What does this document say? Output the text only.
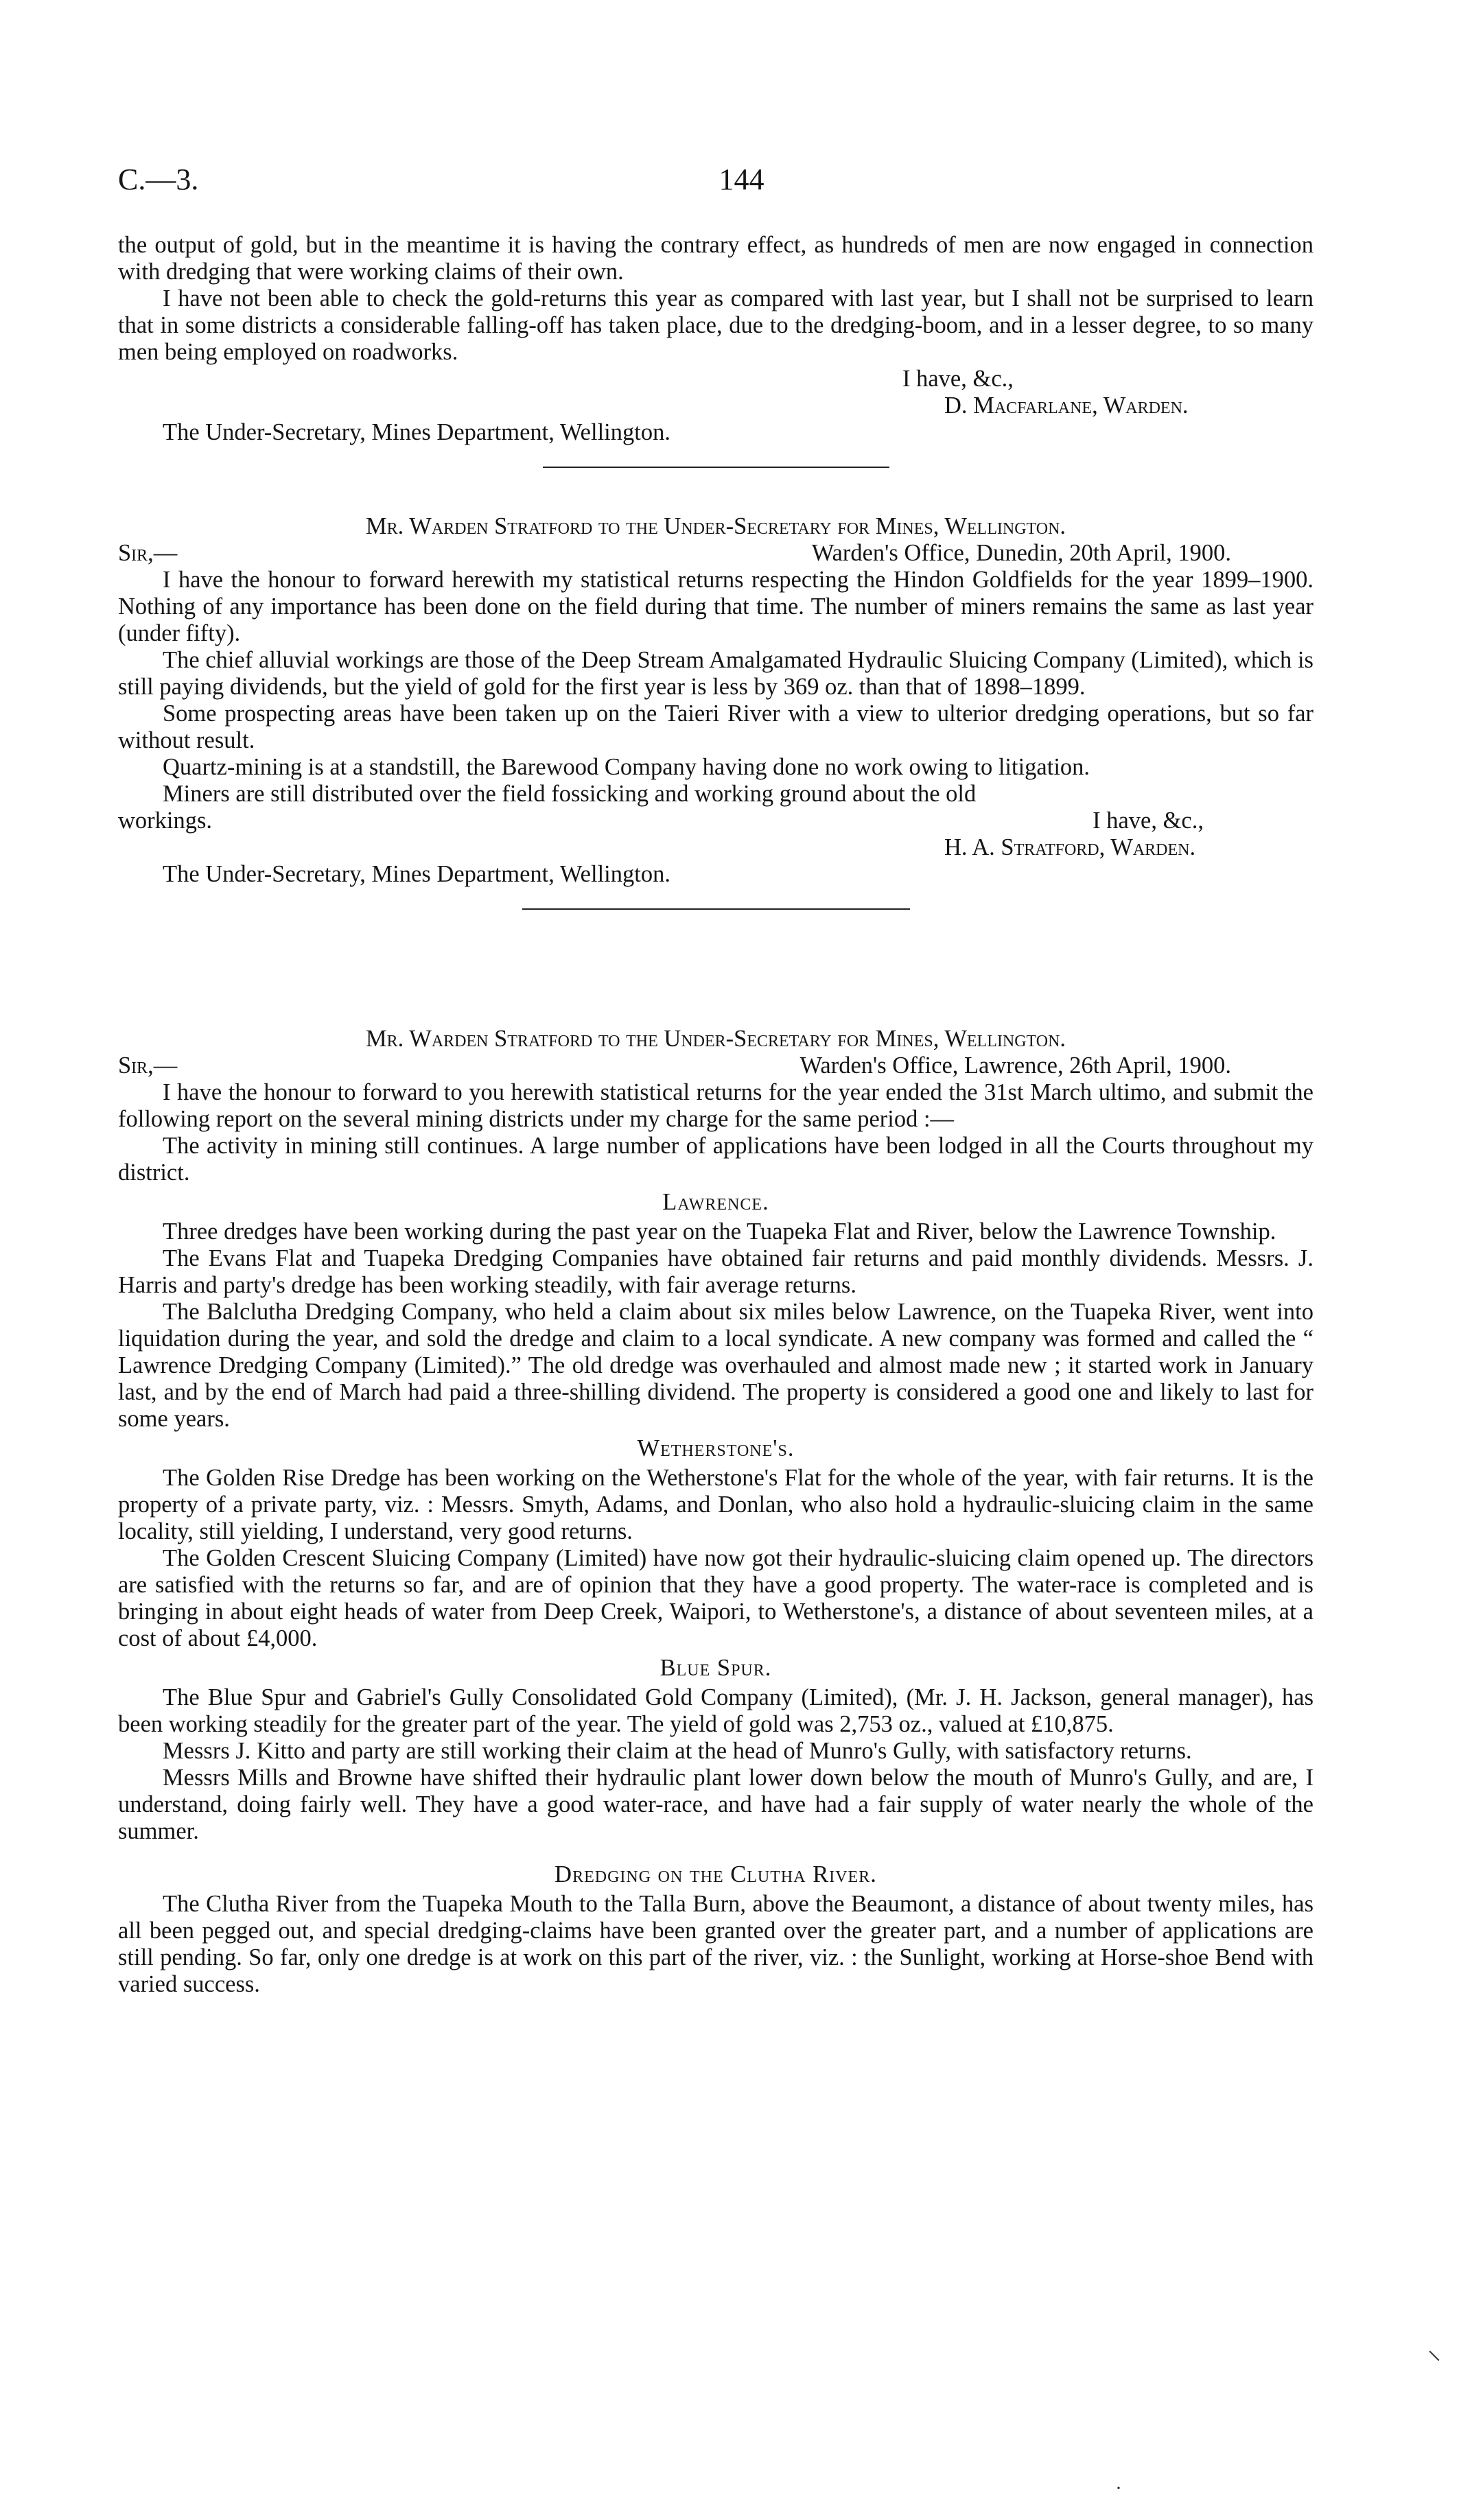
C.—3.	144

the output of gold, but in the meantime it is having the contrary effect, as hundreds of men are now engaged in connection with dredging that were working claims of their own.

I have not been able to check the gold-returns this year as compared with last year, but I shall not be surprised to learn that in some districts a considerable falling-off has taken place, due to the dredging-boom, and in a lesser degree, to so many men being employed on roadworks.

I have, &c.,

D. Macfarlane, Warden.

The Under-Secretary, Mines Department, Wellington.

Mr. Warden Stratford to the Under-Secretary for Mines, Wellington.

Sir,—	Warden's Office, Dunedin, 20th April, 1900.

I have the honour to forward herewith my statistical returns respecting the Hindon Goldfields for the year 1899–1900. Nothing of any importance has been done on the field during that time. The number of miners remains the same as last year (under fifty).

The chief alluvial workings are those of the Deep Stream Amalgamated Hydraulic Sluicing Company (Limited), which is still paying dividends, but the yield of gold for the first year is less by 369 oz. than that of 1898–1899.

Some prospecting areas have been taken up on the Taieri River with a view to ulterior dredging operations, but so far without result.

Quartz-mining is at a standstill, the Barewood Company having done no work owing to litigation.

Miners are still distributed over the field fossicking and working ground about the old

workings.	I have, &c.,

H. A. Stratford, Warden.

The Under-Secretary, Mines Department, Wellington.

Mr. Warden Stratford to the Under-Secretary for Mines, Wellington.

Sir,—	Warden's Office, Lawrence, 26th April, 1900.

I have the honour to forward to you herewith statistical returns for the year ended the 31st March ultimo, and submit the following report on the several mining districts under my charge for the same period :—

The activity in mining still continues. A large number of applications have been lodged in all the Courts throughout my district.

Lawrence.

Three dredges have been working during the past year on the Tuapeka Flat and River, below the Lawrence Township.

The Evans Flat and Tuapeka Dredging Companies have obtained fair returns and paid monthly dividends. Messrs. J. Harris and party's dredge has been working steadily, with fair average returns.

The Balclutha Dredging Company, who held a claim about six miles below Lawrence, on the Tuapeka River, went into liquidation during the year, and sold the dredge and claim to a local syndicate. A new company was formed and called the “ Lawrence Dredging Company (Limited).” The old dredge was overhauled and almost made new ; it started work in January last, and by the end of March had paid a three-shilling dividend. The property is considered a good one and likely to last for some years.

Wetherstone's.

The Golden Rise Dredge has been working on the Wetherstone's Flat for the whole of the year, with fair returns. It is the property of a private party, viz. : Messrs. Smyth, Adams, and Donlan, who also hold a hydraulic-sluicing claim in the same locality, still yielding, I understand, very good returns.

The Golden Crescent Sluicing Company (Limited) have now got their hydraulic-sluicing claim opened up. The directors are satisfied with the returns so far, and are of opinion that they have a good property. The water-race is completed and is bringing in about eight heads of water from Deep Creek, Waipori, to Wetherstone's, a distance of about seventeen miles, at a cost of about £4,000.

Blue Spur.

The Blue Spur and Gabriel's Gully Consolidated Gold Company (Limited), (Mr. J. H. Jackson, general manager), has been working steadily for the greater part of the year. The yield of gold was 2,753 oz., valued at £10,875.

Messrs J. Kitto and party are still working their claim at the head of Munro's Gully, with satisfactory returns.

Messrs Mills and Browne have shifted their hydraulic plant lower down below the mouth of Munro's Gully, and are, I understand, doing fairly well. They have a good water-race, and have had a fair supply of water nearly the whole of the summer.

Dredging on the Clutha River.

The Clutha River from the Tuapeka Mouth to the Talla Burn, above the Beaumont, a distance of about twenty miles, has all been pegged out, and special dredging-claims have been granted over the greater part, and a number of applications are still pending. So far, only one dredge is at work on this part of the river, viz. : the Sunlight, working at Horse-shoe Bend with varied success.

⸜
·
